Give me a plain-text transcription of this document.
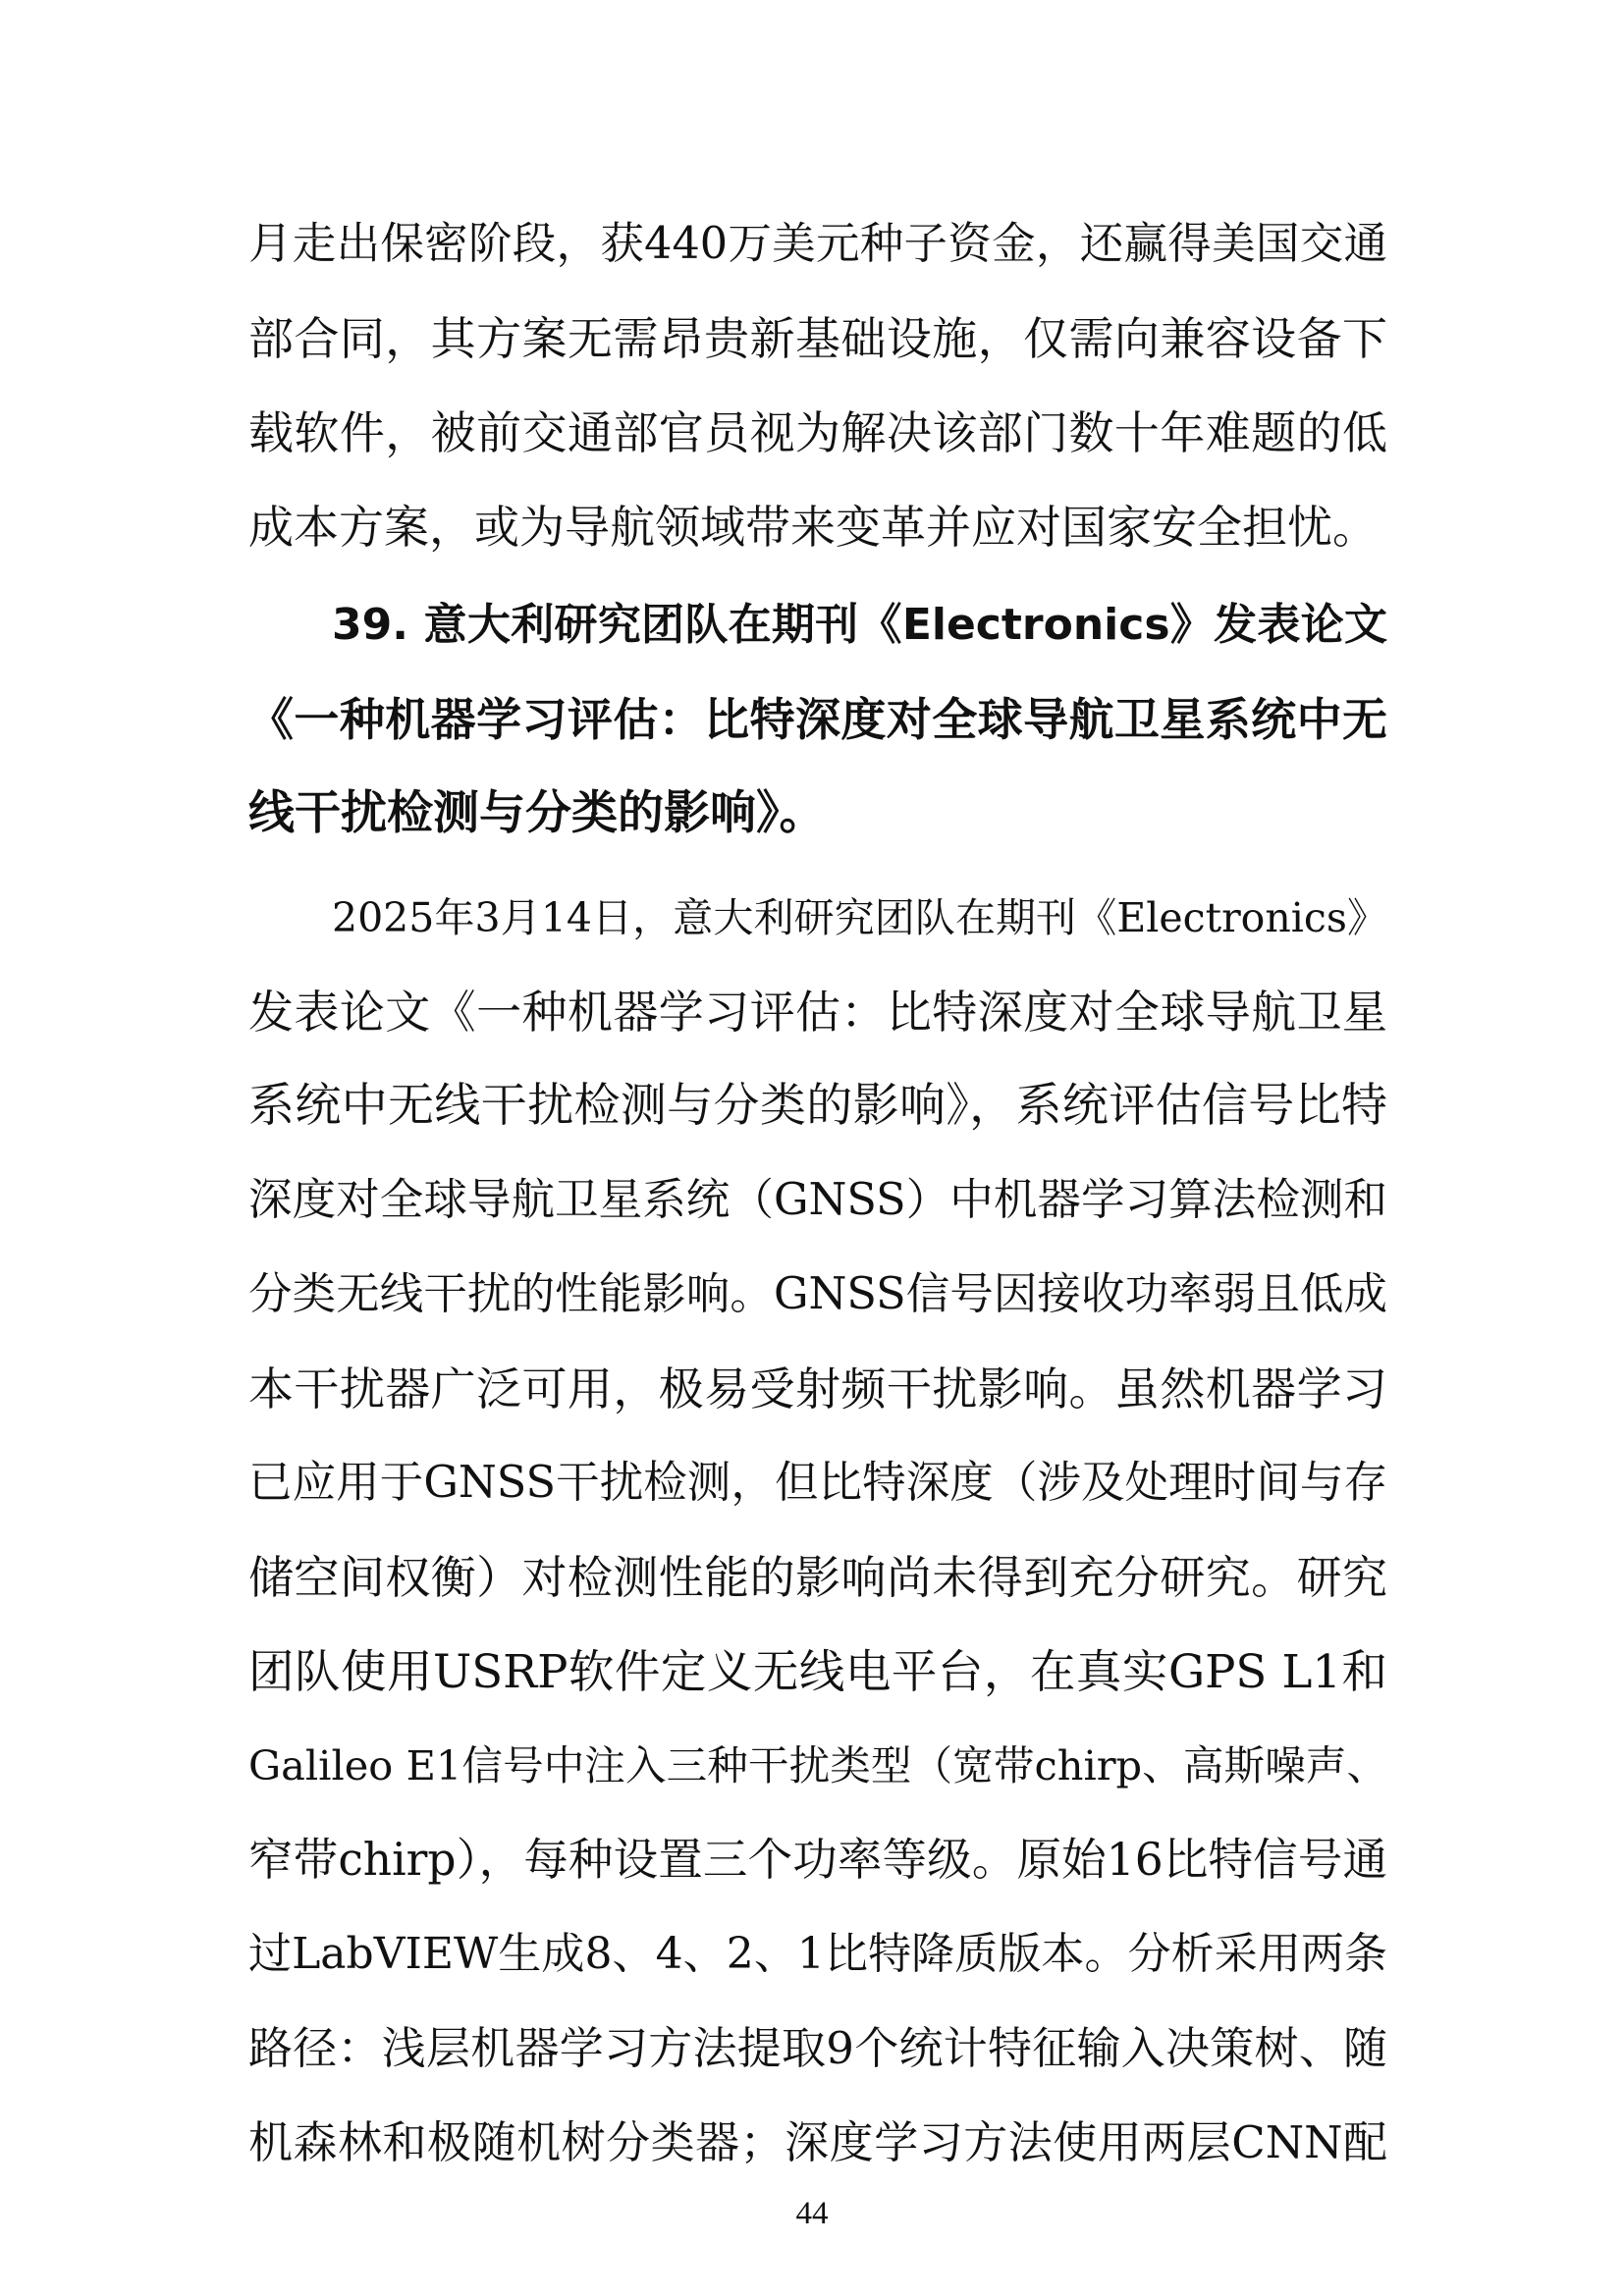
月走出保密阶段，获440万美元种子资金，还赢得美国交通
部合同，其方案无需昂贵新基础设施，仅需向兼容设备下
载软件，被前交通部官员视为解决该部门数十年难题的低
成本方案，或为导航领域带来变革并应对国家安全担忧。
39. 意大利研究团队在期刊《Electronics》发表论文
《一种机器学习评估：比特深度对全球导航卫星系统中无
线干扰检测与分类的影响》。
2025年3月14日，意大利研究团队在期刊《Electronics》
发表论文《一种机器学习评估：比特深度对全球导航卫星
系统中无线干扰检测与分类的影响》，系统评估信号比特
深度对全球导航卫星系统（GNSS）中机器学习算法检测和
分类无线干扰的性能影响。GNSS信号因接收功率弱且低成
本干扰器广泛可用，极易受射频干扰影响。虽然机器学习
已应用于GNSS干扰检测，但比特深度（涉及处理时间与存
储空间权衡）对检测性能的影响尚未得到充分研究。研究
团队使用USRP软件定义无线电平台，在真实GPS L1和
Galileo E1信号中注入三种干扰类型（宽带chirp、高斯噪声、
窄带chirp），每种设置三个功率等级。原始16比特信号通
过LabVIEW生成8、4、2、1比特降质版本。分析采用两条
路径：浅层机器学习方法提取9个统计特征输入决策树、随
机森林和极随机树分类器；深度学习方法使用两层CNN配
44
